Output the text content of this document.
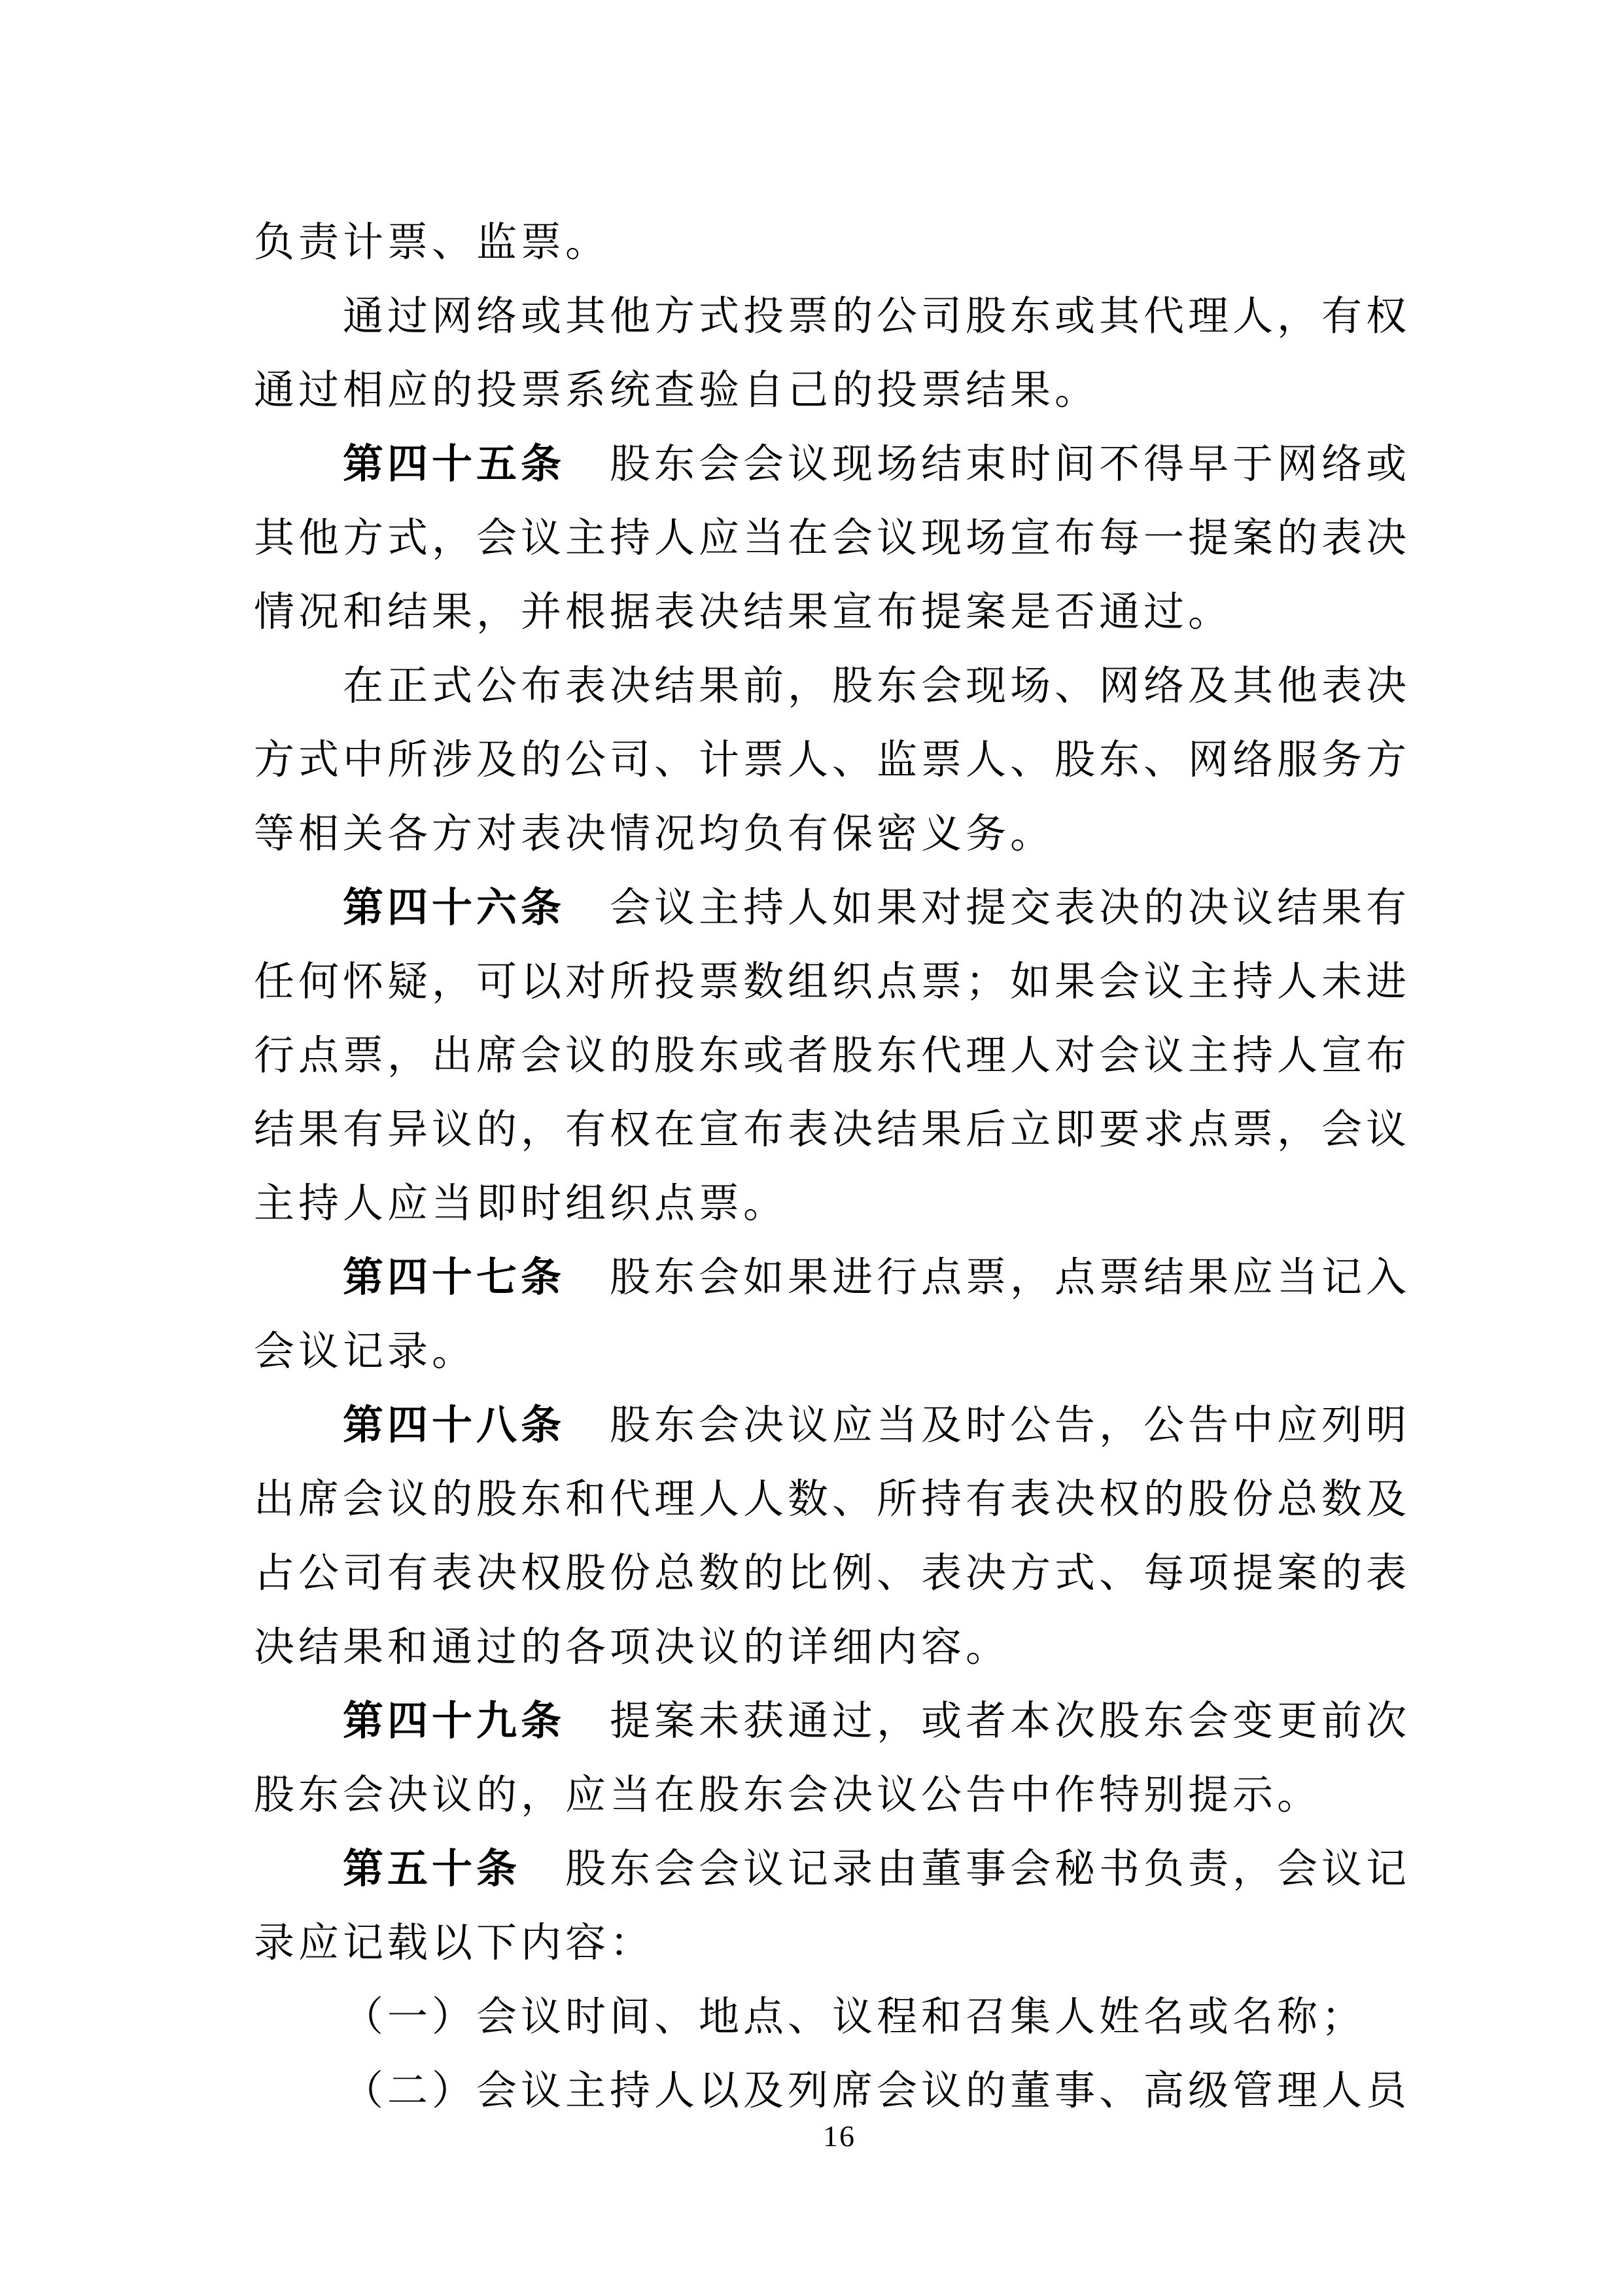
负责计票、监票。
通过网络或其他方式投票的公司股东或其代理人，有权
通过相应的投票系统查验自己的投票结果。
第四十五条　股东会会议现场结束时间不得早于网络或
其他方式，会议主持人应当在会议现场宣布每一提案的表决
情况和结果，并根据表决结果宣布提案是否通过。
在正式公布表决结果前，股东会现场、网络及其他表决
方式中所涉及的公司、计票人、监票人、股东、网络服务方
等相关各方对表决情况均负有保密义务。
第四十六条　会议主持人如果对提交表决的决议结果有
任何怀疑，可以对所投票数组织点票；如果会议主持人未进
行点票，出席会议的股东或者股东代理人对会议主持人宣布
结果有异议的，有权在宣布表决结果后立即要求点票，会议
主持人应当即时组织点票。
第四十七条　股东会如果进行点票，点票结果应当记入
会议记录。
第四十八条　股东会决议应当及时公告，公告中应列明
出席会议的股东和代理人人数、所持有表决权的股份总数及
占公司有表决权股份总数的比例、表决方式、每项提案的表
决结果和通过的各项决议的详细内容。
第四十九条　提案未获通过，或者本次股东会变更前次
股东会决议的，应当在股东会决议公告中作特别提示。
第五十条　股东会会议记录由董事会秘书负责，会议记
录应记载以下内容：
（一）会议时间、地点、议程和召集人姓名或名称；
（二）会议主持人以及列席会议的董事、高级管理人员
16
